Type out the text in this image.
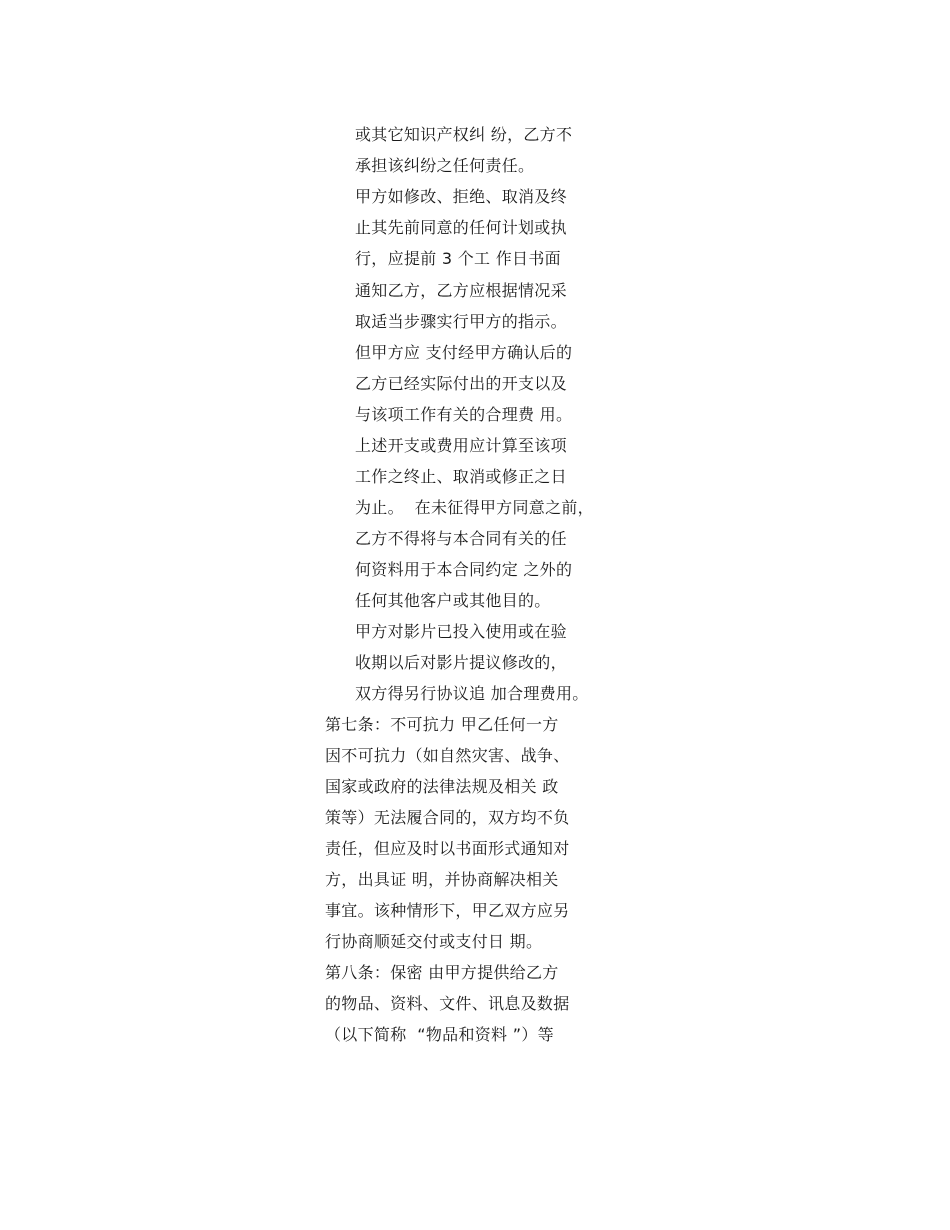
或其它知识产权纠 纷，乙方不
承担该纠纷之任何责任。
甲方如修改、拒绝、取消及终
止其先前同意的任何计划或执
行，应提前 3 个工 作日书面
通知乙方，乙方应根据情况采
取适当步骤实行甲方的指示。
但甲方应 支付经甲方确认后的
乙方已经实际付出的开支以及
与该项工作有关的合理费 用。
上述开支或费用应计算至该项
工作之终止、取消或修正之日
为止。  在未征得甲方同意之前，
乙方不得将与本合同有关的任
何资料用于本合同约定 之外的
任何其他客户或其他目的。
甲方对影片已投入使用或在验
收期以后对影片提议修改的，
双方得另行协议追 加合理费用。
第七条：不可抗力 甲乙任何一方
因不可抗力（如自然灾害、战争、
国家或政府的法律法规及相关 政
策等）无法履合同的，双方均不负
责任，但应及时以书面形式通知对
方，出具证 明，并协商解决相关
事宜。该种情形下，甲乙双方应另
行协商顺延交付或支付日 期。
第八条：保密 由甲方提供给乙方
的物品、资料、文件、讯息及数据
（以下简称  “物品和资料 ”）等
